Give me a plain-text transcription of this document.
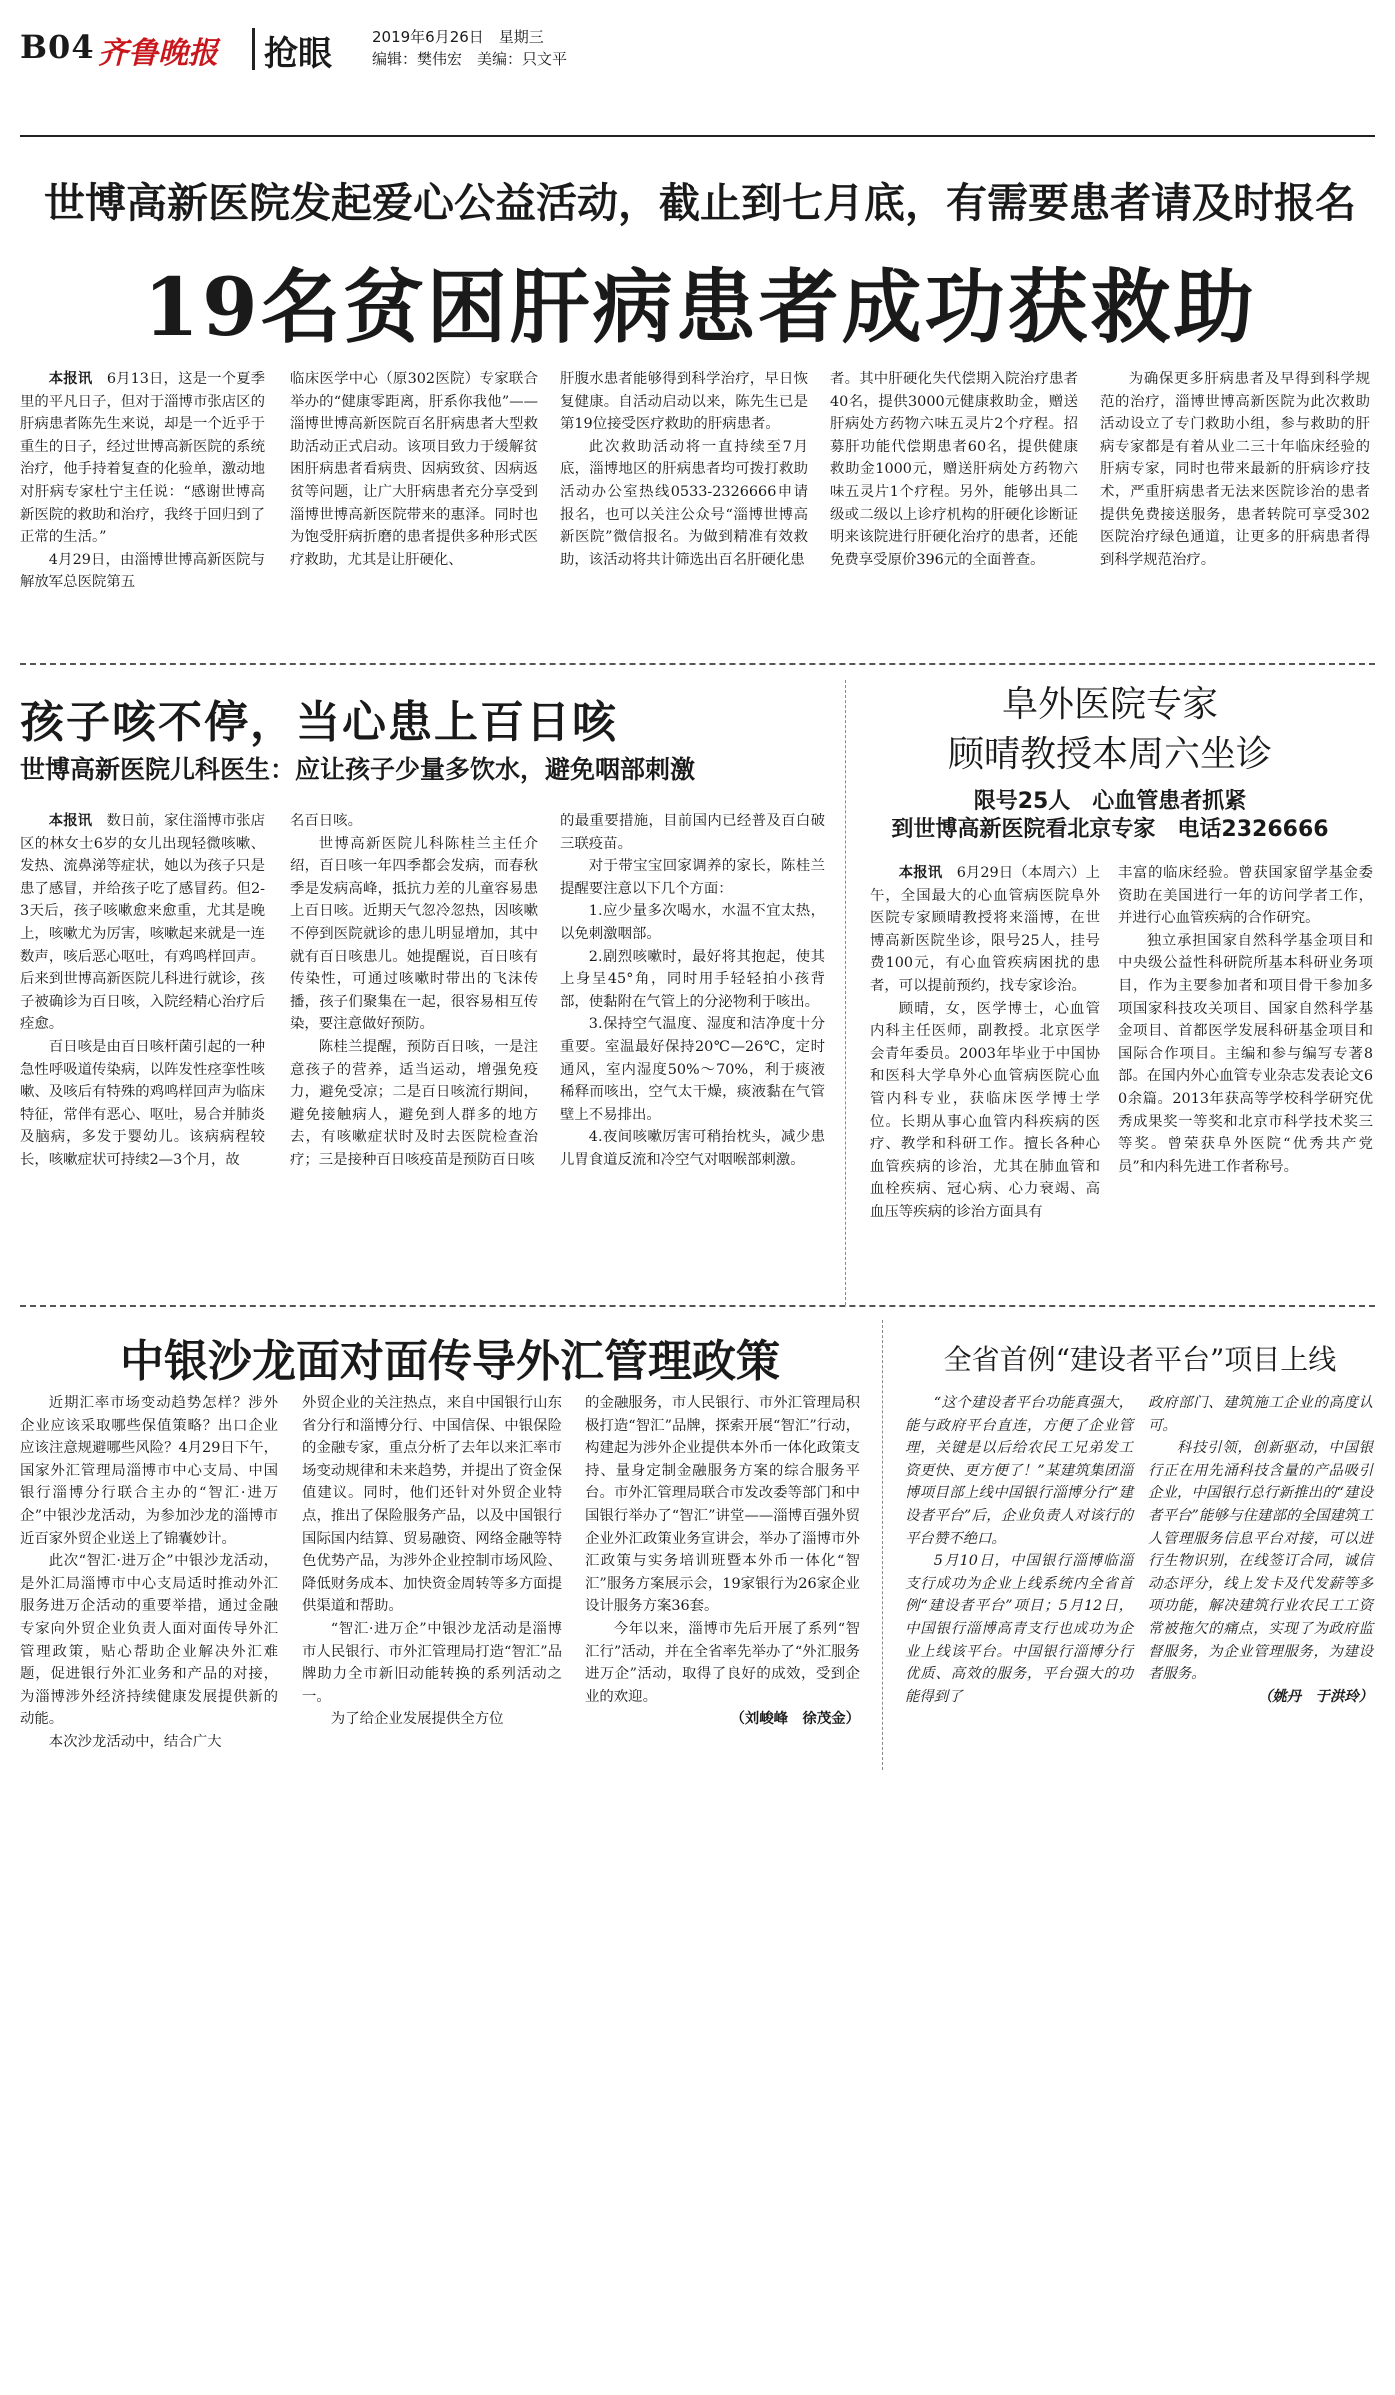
B04 齐鲁晚报 抢眼	2019年6月26日　星期三
编辑：樊伟宏　美编：只文平
世博高新医院发起爱心公益活动，截止到七月底，有需要患者请及时报名
19名贫困肝病患者成功获救助

本报讯　 6月13日，这是一个夏季里的平凡日子，但对于淄博市张店区的肝病患者陈先生来说，却是一个近乎于重生的日子，经过世博高新医院的系统治疗，他手持着复查的化验单，激动地对肝病专家杜宁主任说：“感谢世博高新医院的救助和治疗，我终于回归到了正常的生活。”

4月29日，由淄博世博高新医院与解放军总医院第五

临床医学中心（原302医院）专家联合举办的“健康零距离，肝系你我他”——淄博世博高新医院百名肝病患者大型救助活动正式启动。该项目致力于缓解贫困肝病患者看病贵、因病致贫、因病返贫等问题，让广大肝病患者充分享受到淄博世博高新医院带来的惠泽。同时也为饱受肝病折磨的患者提供多种形式医疗救助，尤其是让肝硬化、

肝腹水患者能够得到科学治疗，早日恢复健康。自活动启动以来，陈先生已是第19位接受医疗救助的肝病患者。

此次救助活动将一直持续至7月底，淄博地区的肝病患者均可拨打救助活动办公室热线0533-2326666申请报名，也可以关注公众号“淄博世博高新医院”微信报名。为做到精准有效救助，该活动将共计筛选出百名肝硬化患

者。其中肝硬化失代偿期入院治疗患者40名，提供3000元健康救助金，赠送肝病处方药物六味五灵片2个疗程。招募肝功能代偿期患者60名，提供健康救助金1000元，赠送肝病处方药物六味五灵片1个疗程。另外，能够出具二级或二级以上诊疗机构的肝硬化诊断证明来该院进行肝硬化治疗的患者，还能免费享受原价396元的全面普查。

为确保更多肝病患者及早得到科学规范的治疗，淄博世博高新医院为此次救助活动设立了专门救助小组，参与救助的肝病专家都是有着从业二三十年临床经验的肝病专家，同时也带来最新的肝病诊疗技术，严重肝病患者无法来医院诊治的患者提供免费接送服务，患者转院可享受302医院治疗绿色通道，让更多的肝病患者得到科学规范治疗。

孩子咳不停，当心患上百日咳
世博高新医院儿科医生：应让孩子少量多饮水，避免咽部刺激

本报讯　 数日前，家住淄博市张店区的林女士6岁的女儿出现轻微咳嗽、发热、流鼻涕等症状，她以为孩子只是患了感冒，并给孩子吃了感冒药。但2-3天后，孩子咳嗽愈来愈重，尤其是晚上，咳嗽尤为厉害，咳嗽起来就是一连数声，咳后恶心呕吐，有鸡鸣样回声。后来到世博高新医院儿科进行就诊，孩子被确诊为百日咳，入院经精心治疗后痊愈。

百日咳是由百日咳杆菌引起的一种急性呼吸道传染病，以阵发性痉挛性咳嗽、及咳后有特殊的鸡鸣样回声为临床特征，常伴有恶心、呕吐，易合并肺炎及脑病，多发于婴幼儿。该病病程较长，咳嗽症状可持续2—3个月，故

名百日咳。

世博高新医院儿科陈桂兰主任介绍，百日咳一年四季都会发病，而春秋季是发病高峰，抵抗力差的儿童容易患上百日咳。近期天气忽冷忽热，因咳嗽不停到医院就诊的患儿明显增加，其中就有百日咳患儿。她提醒说，百日咳有传染性，可通过咳嗽时带出的飞沫传播，孩子们聚集在一起，很容易相互传染，要注意做好预防。

陈桂兰提醒，预防百日咳，一是注意孩子的营养，适当运动，增强免疫力，避免受凉；二是百日咳流行期间，避免接触病人，避免到人群多的地方去，有咳嗽症状时及时去医院检查治疗；三是接种百日咳疫苗是预防百日咳

的最重要措施，目前国内已经普及百白破三联疫苗。

对于带宝宝回家调养的家长，陈桂兰提醒要注意以下几个方面：

1.应少量多次喝水，水温不宜太热，以免刺激咽部。

2.剧烈咳嗽时，最好将其抱起，使其上身呈45°角，同时用手轻轻拍小孩背部，使黏附在气管上的分泌物利于咳出。

3.保持空气温度、湿度和洁净度十分重要。室温最好保持20℃—26℃，定时通风，室内湿度50%～70%，利于痰液稀释而咳出，空气太干燥，痰液黏在气管壁上不易排出。

4.夜间咳嗽厉害可稍抬枕头，减少患儿胃食道反流和冷空气对咽喉部刺激。

阜外医院专家
顾晴教授本周六坐诊
限号25人　心血管患者抓紧
到世博高新医院看北京专家　电话2326666

本报讯　 6月29日（本周六）上午，全国最大的心血管病医院阜外医院专家顾晴教授将来淄博，在世博高新医院坐诊，限号25人，挂号费100元，有心血管疾病困扰的患者，可以提前预约，找专家诊治。

顾晴，女，医学博士，心血管内科主任医师，副教授。北京医学会青年委员。2003年毕业于中国协和医科大学阜外心血管病医院心血管内科专业，获临床医学博士学位。长期从事心血管内科疾病的医疗、教学和科研工作。擅长各种心血管疾病的诊治，尤其在肺血管和血栓疾病、冠心病、心力衰竭、高血压等疾病的诊治方面具有

丰富的临床经验。曾获国家留学基金委资助在美国进行一年的访问学者工作，并进行心血管疾病的合作研究。

独立承担国家自然科学基金项目和中央级公益性科研院所基本科研业务项目，作为主要参加者和项目骨干参加多项国家科技攻关项目、国家自然科学基金项目、首都医学发展科研基金项目和国际合作项目。主编和参与编写专著8部。在国内外心血管专业杂志发表论文60余篇。2013年获高等学校科学研究优秀成果奖一等奖和北京市科学技术奖三等奖。曾荣获阜外医院“优秀共产党员”和内科先进工作者称号。

中银沙龙面对面传导外汇管理政策

近期汇率市场变动趋势怎样？涉外企业应该采取哪些保值策略？出口企业应该注意规避哪些风险？4月29日下午，国家外汇管理局淄博市中心支局、中国银行淄博分行联合主办的“智汇·进万企”中银沙龙活动，为参加沙龙的淄博市近百家外贸企业送上了锦囊妙计。

此次“智汇·进万企”中银沙龙活动，是外汇局淄博市中心支局适时推动外汇服务进万企活动的重要举措，通过金融专家向外贸企业负责人面对面传导外汇管理政策，贴心帮助企业解决外汇难题，促进银行外汇业务和产品的对接，为淄博涉外经济持续健康发展提供新的动能。

本次沙龙活动中，结合广大

外贸企业的关注热点，来自中国银行山东省分行和淄博分行、中国信保、中银保险的金融专家，重点分析了去年以来汇率市场变动规律和未来趋势，并提出了资金保值建议。同时，他们还针对外贸企业特点，推出了保险服务产品，以及中国银行国际国内结算、贸易融资、网络金融等特色优势产品，为涉外企业控制市场风险、降低财务成本、加快资金周转等多方面提供渠道和帮助。

“智汇·进万企”中银沙龙活动是淄博市人民银行、市外汇管理局打造“智汇”品牌助力全市新旧动能转换的系列活动之一。

为了给企业发展提供全方位

的金融服务，市人民银行、市外汇管理局积极打造“智汇”品牌，探索开展“智汇”行动，构建起为涉外企业提供本外币一体化政策支持、量身定制金融服务方案的综合服务平台。市外汇管理局联合市发改委等部门和中国银行举办了“智汇”讲堂——淄博百强外贸企业外汇政策业务宣讲会，举办了淄博市外汇政策与实务培训班暨本外币一体化“智汇”服务方案展示会，19家银行为26家企业设计服务方案36套。

今年以来，淄博市先后开展了系列“智汇行”活动，并在全省率先举办了“外汇服务进万企”活动，取得了良好的成效，受到企业的欢迎。

（刘峻峰　徐茂金）
全省首例“建设者平台”项目上线

“这个建设者平台功能真强大，能与政府平台直连，方便了企业管理，关键是以后给农民工兄弟发工资更快、更方便了！”某建筑集团淄博项目部上线中国银行淄博分行“建设者平台”后，企业负责人对该行的平台赞不绝口。

5月10日，中国银行淄博临淄支行成功为企业上线系统内全省首例“建设者平台”项目；5月12日，中国银行淄博高青支行也成功为企业上线该平台。中国银行淄博分行优质、高效的服务，平台强大的功能得到了

政府部门、建筑施工企业的高度认可。

科技引领，创新驱动，中国银行正在用先涌科技含量的产品吸引企业，中国银行总行新推出的“建设者平台”能够与住建部的全国建筑工人管理服务信息平台对接，可以进行生物识别，在线签订合同，诚信动态评分，线上发卡及代发薪等多项功能，解决建筑行业农民工工资常被拖欠的痛点，实现了为政府监督服务，为企业管理服务，为建设者服务。

（姚丹　于洪玲）
